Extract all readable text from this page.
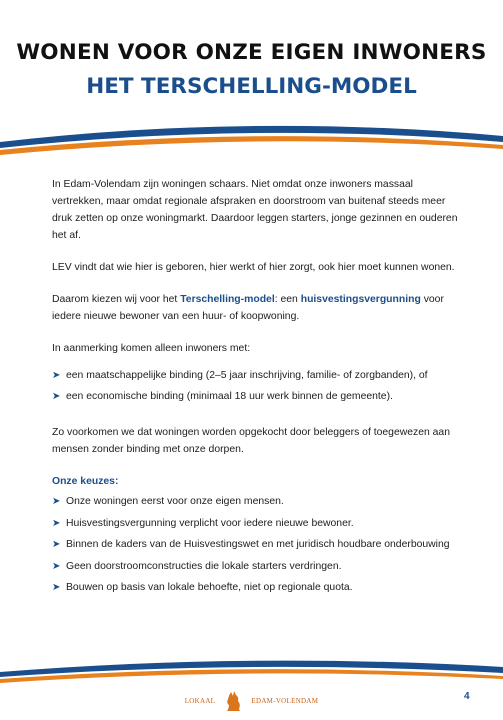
WONEN VOOR ONZE EIGEN INWONERS
HET TERSCHELLING-MODEL

In Edam-Volendam zijn woningen schaars. Niet omdat onze inwoners massaal vertrekken, maar omdat regionale afspraken en doorstroom van buitenaf steeds meer druk zetten op onze woningmarkt. Daardoor leggen starters, jonge gezinnen en ouderen het af.

LEV vindt dat wie hier is geboren, hier werkt of hier zorgt, ook hier moet kunnen wonen.

Daarom kiezen wij voor het Terschelling-model: een huisvestingsvergunning voor iedere nieuwe bewoner van een huur- of koopwoning.

In aanmerking komen alleen inwoners met:

➤ een maatschappelijke binding (2–5 jaar inschrijving, familie- of zorgbanden), of
➤ een economische binding (minimaal 18 uur werk binnen de gemeente).

Zo voorkomen we dat woningen worden opgekocht door beleggers of toegewezen aan mensen zonder binding met onze dorpen.

Onze keuzes:
➤ Onze woningen eerst voor onze eigen mensen.
➤ Huisvestingsvergunning verplicht voor iedere nieuwe bewoner.
➤ Binnen de kaders van de Huisvestingswet en met juridisch houdbare onderbouwing
➤ Geen doorstroomconstructies die lokale starters verdringen.
➤ Bouwen op basis van lokale behoefte, niet op regionale quota.
LOKAAL	EDAM-VOLENDAM	4
